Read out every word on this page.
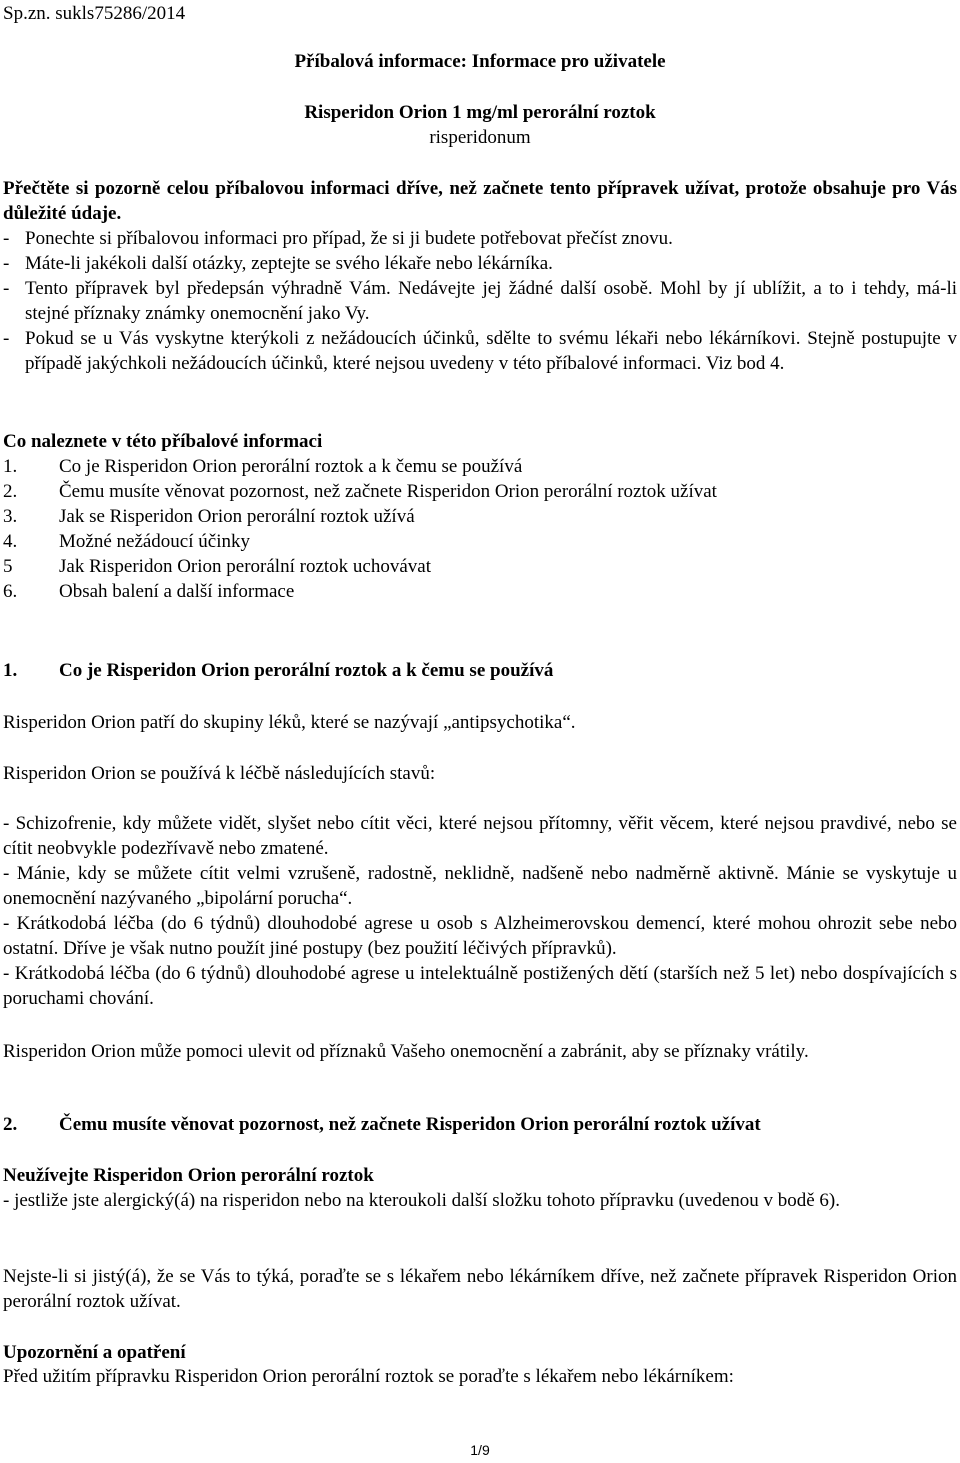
Sp.zn. sukls75286/2014
Příbalová informace: Informace pro uživatele
Risperidon Orion 1 mg/ml perorální roztok
risperidonum
Přečtěte si pozorně celou příbalovou informaci dříve, než začnete tento přípravek užívat, protože obsahuje pro Vás důležité údaje.
- Ponechte si příbalovou informaci pro případ, že si ji budete potřebovat přečíst znovu.
- Máte-li jakékoli další otázky, zeptejte se svého lékaře nebo lékárníka.
- Tento přípravek byl předepsán výhradně Vám. Nedávejte jej žádné další osobě. Mohl by jí ublížit, a to i tehdy, má-li stejné příznaky známky onemocnění jako Vy.
- Pokud se u Vás vyskytne kterýkoli z nežádoucích účinků, sdělte to svému lékaři nebo lékárníkovi. Stejně postupujte v případě jakýchkoli nežádoucích účinků, které nejsou uvedeny v této příbalové informaci. Viz bod 4.
Co naleznete v této příbalové informaci
1.	Co je Risperidon Orion perorální roztok a k čemu se používá
2.	Čemu musíte věnovat pozornost, než začnete Risperidon Orion perorální roztok užívat
3.	Jak se Risperidon Orion perorální roztok užívá
4.	Možné nežádoucí účinky
5	Jak Risperidon Orion perorální roztok uchovávat
6.	Obsah balení a další informace
1.	Co je Risperidon Orion perorální roztok a k čemu se používá
Risperidon Orion patří do skupiny léků, které se nazývají „antipsychotika“.
Risperidon Orion se používá k léčbě následujících stavů:
- Schizofrenie, kdy můžete vidět, slyšet nebo cítit věci, které nejsou přítomny, věřit věcem, které nejsou pravdivé, nebo se cítit neobvykle podezřívavě nebo zmatené.
- Mánie, kdy se můžete cítit velmi vzrušeně, radostně, neklidně, nadšeně nebo nadměrně aktivně. Mánie se vyskytuje u onemocnění nazývaného „bipolární porucha“.
- Krátkodobá léčba (do 6 týdnů) dlouhodobé agrese u osob s Alzheimerovskou demencí, které mohou ohrozit sebe nebo ostatní. Dříve je však nutno použít jiné postupy (bez použití léčivých přípravků).
- Krátkodobá léčba (do 6 týdnů) dlouhodobé agrese u intelektuálně postižených dětí (starších než 5 let) nebo dospívajících s poruchami chování.
Risperidon Orion může pomoci ulevit od příznaků Vašeho onemocnění a zabránit, aby se příznaky vrátily.
2.	Čemu musíte věnovat pozornost, než začnete Risperidon Orion perorální roztok užívat
Neužívejte Risperidon Orion perorální roztok
- jestliže jste alergický(á) na risperidon nebo na kteroukoli další složku tohoto přípravku (uvedenou v bodě 6).
Nejste-li si jistý(á), že se Vás to týká, poraďte se s lékařem nebo lékárníkem dříve, než začnete přípravek Risperidon Orion perorální roztok užívat.
Upozornění a opatření
Před užitím přípravku Risperidon Orion perorální roztok se poraďte s lékařem nebo lékárníkem:
1/9
